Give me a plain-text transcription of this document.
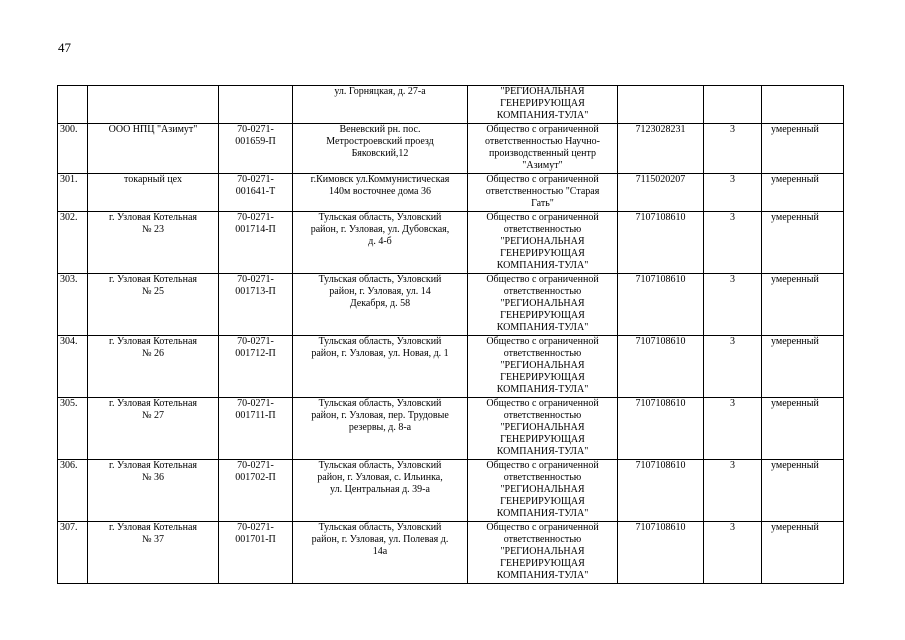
47

			ул. Горняцкая, д. 27-а	"РЕГИОНАЛЬНАЯ
ГЕНЕРИРУЮЩАЯ
КОМПАНИЯ-ТУЛА"			

300.	ООО НПЦ "Азимут"	70-0271-
001659-П	Веневский рн. пос.
Метростроевский проезд
Бяковский,12	Общество с ограниченной
ответственностью Научно-
производственный центр
"Азимут"	7123028231	3	умеренный
301.	токарный цех	70-0271-
001641-Т	г.Кимовск ул.Коммунистическая
140м восточнее дома 36	Общество с ограниченной
ответственностью "Старая
Гать"	7115020207	3	умеренный
302.	г. Узловая Котельная
№ 23	70-0271-
001714-П	Тульская область, Узловский
район, г. Узловая, ул. Дубовская,
д. 4-б	Общество с ограниченной
ответственностью
"РЕГИОНАЛЬНАЯ
ГЕНЕРИРУЮЩАЯ
КОМПАНИЯ-ТУЛА"	7107108610	3	умеренный
303.	г. Узловая Котельная
№ 25	70-0271-
001713-П	Тульская область, Узловский
район, г. Узловая, ул. 14
Декабря, д. 58	Общество с ограниченной
ответственностью
"РЕГИОНАЛЬНАЯ
ГЕНЕРИРУЮЩАЯ
КОМПАНИЯ-ТУЛА"	7107108610	3	умеренный
304.	г. Узловая Котельная
№ 26	70-0271-
001712-П	Тульская область, Узловский
район, г. Узловая, ул. Новая, д. 1	Общество с ограниченной
ответственностью
"РЕГИОНАЛЬНАЯ
ГЕНЕРИРУЮЩАЯ
КОМПАНИЯ-ТУЛА"	7107108610	3	умеренный
305.	г. Узловая Котельная
№ 27	70-0271-
001711-П	Тульская область, Узловский
район, г. Узловая, пер. Трудовые
резервы, д. 8-а	Общество с ограниченной
ответственностью
"РЕГИОНАЛЬНАЯ
ГЕНЕРИРУЮЩАЯ
КОМПАНИЯ-ТУЛА"	7107108610	3	умеренный
306.	г. Узловая Котельная
№ 36	70-0271-
001702-П	Тульская область, Узловский
район, г. Узловая, с. Ильинка,
ул. Центральная д. 39-а	Общество с ограниченной
ответственностью
"РЕГИОНАЛЬНАЯ
ГЕНЕРИРУЮЩАЯ
КОМПАНИЯ-ТУЛА"	7107108610	3	умеренный
307.	г. Узловая Котельная
№ 37	70-0271-
001701-П	Тульская область, Узловский
район, г. Узловая, ул. Полевая д.
14а	Общество с ограниченной
ответственностью
"РЕГИОНАЛЬНАЯ
ГЕНЕРИРУЮЩАЯ
КОМПАНИЯ-ТУЛА"	7107108610	3	умеренный
